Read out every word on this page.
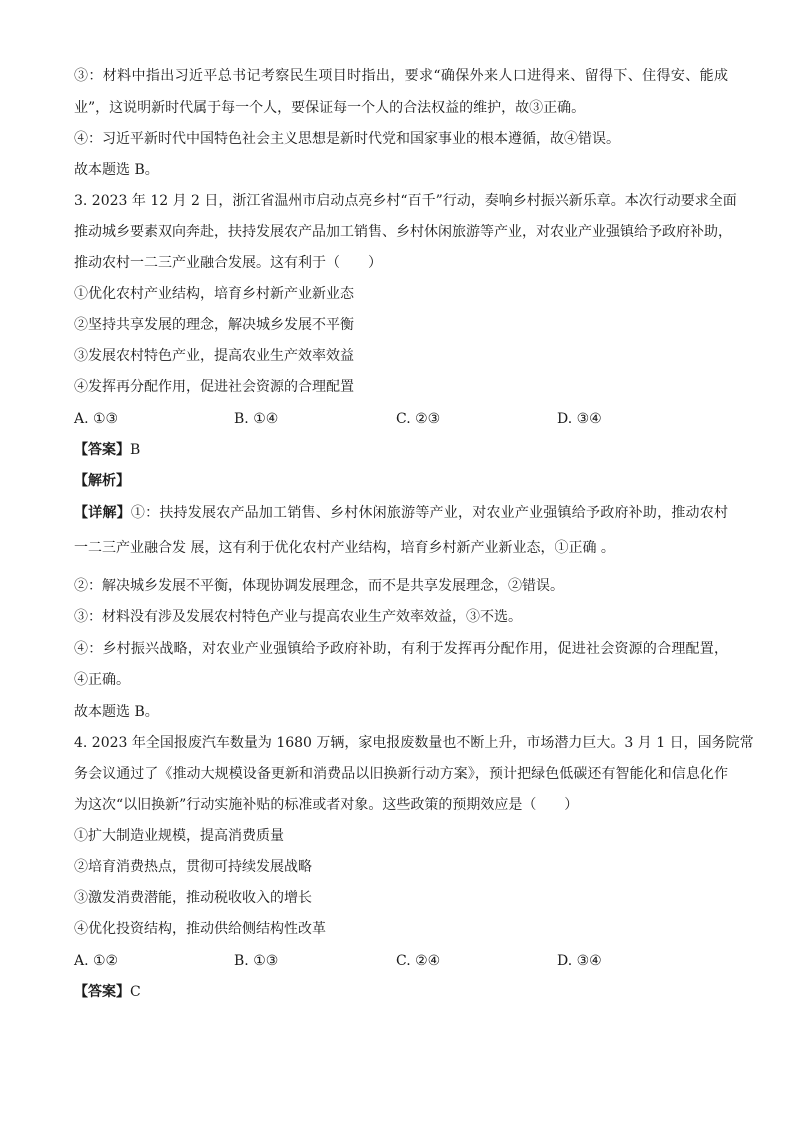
③：材料中指出习近平总书记考察民生项目时指出，要求“确保外来人口进得来、留得下、住得安、能成
业”，这说明新时代属于每一个人，要保证每一个人的合法权益的维护，故③正确。
④：习近平新时代中国特色社会主义思想是新时代党和国家事业的根本遵循，故④错误。
故本题选 B。
3. 2023 年 12 月 2 日，浙江省温州市启动点亮乡村“百千”行动，奏响乡村振兴新乐章。本次行动要求全面
推动城乡要素双向奔赴，扶持发展农产品加工销售、乡村休闲旅游等产业，对农业产业强镇给予政府补助，
推动农村一二三产业融合发展。这有利于（　　）
①优化农村产业结构，培育乡村新产业新业态
②坚持共享发展的理念，解决城乡发展不平衡
③发展农村特色产业，提高农业生产效率效益
④发挥再分配作用，促进社会资源的合理配置
A. ①③	B. ①④	C. ②③	D. ③④
【答案】B
【解析】
【详解】①：扶持发展农产品加工销售、乡村休闲旅游等产业，对农业产业强镇给予政府补助，推动农村
一二三产业融合发 展，这有利于优化农村产业结构，培育乡村新产业新业态，①正确 。
②：解决城乡发展不平衡，体现协调发展理念，而不是共享发展理念，②错误。
③：材料没有涉及发展农村特色产业与提高农业生产效率效益，③不选。
④：乡村振兴战略，对农业产业强镇给予政府补助，有利于发挥再分配作用，促进社会资源的合理配置，
④正确。
故本题选 B。
4. 2023 年全国报废汽车数量为 1680 万辆，家电报废数量也不断上升，市场潜力巨大。3 月 1 日，国务院常
务会议通过了《推动大规模设备更新和消费品以旧换新行动方案》，预计把绿色低碳还有智能化和信息化作
为这次“以旧换新”行动实施补贴的标准或者对象。这些政策的预期效应是（　　）
①扩大制造业规模，提高消费质量
②培育消费热点，贯彻可持续发展战略
③激发消费潜能，推动税收收入的增长
④优化投资结构，推动供给侧结构性改革
A. ①②	B. ①③	C. ②④	D. ③④
【答案】C
